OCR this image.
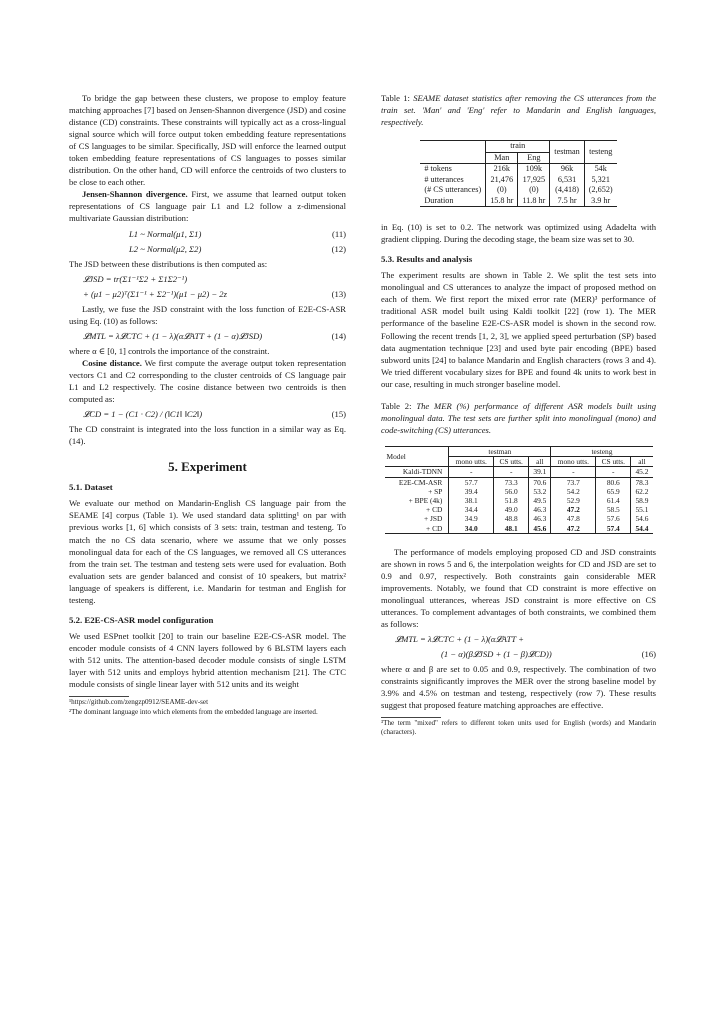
To bridge the gap between these clusters, we propose to employ feature matching approaches [7] based on Jensen-Shannon divergence (JSD) and cosine distance (CD) constraints. These constraints will typically act as a cross-lingual signal source which will force output token embedding feature representations of CS languages to be similar. Specifically, JSD will enforce the learned output token embedding feature representations of CS languages to posses similar distribution. On the other hand, CD will enforce the centroids of two clusters to be close to each other.

Jensen-Shannon divergence. First, we assume that learned output token representations of CS language pair L1 and L2 follow a z-dimensional multivariate Gaussian distribution:

L1 ~ Normal(μ1, Σ1)	(11)
L2 ~ Normal(μ2, Σ2)	(12)

The JSD between these distributions is then computed as:

𝓛JSD = tr(Σ1⁻¹Σ2 + Σ1Σ2⁻¹)
+ (μ1 − μ2)ᵀ(Σ1⁻¹ + Σ2⁻¹)(μ1 − μ2) − 2z	(13)

Lastly, we fuse the JSD constraint with the loss function of E2E-CS-ASR using Eq. (10) as follows:

𝓛MTL = λ𝓛CTC + (1 − λ)(α𝓛ATT + (1 − α)𝓛JSD)	(14)

where α ∈ [0, 1] controls the importance of the constraint.

Cosine distance. We first compute the average output token representation vectors C1 and C2 corresponding to the cluster centroids of CS language pair L1 and L2 respectively. The cosine distance between two centroids is then computed as:

𝓛CD = 1 − (C1 · C2) / (‖C1‖ ‖C2‖)	(15)

The CD constraint is integrated into the loss function in a similar way as Eq. (14).

5. Experiment
5.1. Dataset

We evaluate our method on Mandarin-English CS language pair from the SEAME [4] corpus (Table 1). We used standard data splitting¹ on par with previous works [1, 6] which consists of 3 sets: train, testman and testeng. To match the no CS data scenario, where we assume that we only posses monolingual data for each of the CS languages, we removed all CS utterances from the train set. The testman and testeng sets were used for evaluation. Both evaluation sets are gender balanced and consist of 10 speakers, but matrix² language of speakers is different, i.e. Mandarin for testman and English for testeng.

5.2. E2E-CS-ASR model configuration

We used ESPnet toolkit [20] to train our baseline E2E-CS-ASR model. The encoder module consists of 4 CNN layers followed by 6 BLSTM layers each with 512 units. The attention-based decoder module consists of single LSTM layer with 512 units and employs hybrid attention mechanism [21]. The CTC module consists of single linear layer with 512 units and its weight

¹https://github.com/zengzp0912/SEAME-dev-set

²The dominant language into which elements from the embedded language are inserted.

Table 1: SEAME dataset statistics after removing the CS utterances from the train set. 'Man' and 'Eng' refer to Mandarin and English languages, respectively.

	train		testman	testeng
	Man	Eng		
# tokens	216k	109k	96k	54k
# utterances	21,476	17,925	6,531	5,321
(# CS utterances)	(0)	(0)	(4,418)	(2,652)
Duration	15.8 hr	11.8 hr	7.5 hr	3.9 hr

in Eq. (10) is set to 0.2. The network was optimized using Adadelta with gradient clipping. During the decoding stage, the beam size was set to 30.

5.3. Results and analysis

The experiment results are shown in Table 2. We split the test sets into monolingual and CS utterances to analyze the impact of proposed method on each of them. We first report the mixed error rate (MER)³ performance of traditional ASR model built using Kaldi toolkit [22] (row 1). The MER performance of the baseline E2E-CS-ASR model is shown in the second row. Following the recent trends [1, 2, 3], we applied speed perturbation (SP) based data augmentation technique [23] and used byte pair encoding (BPE) based subword units [24] to balance Mandarin and English characters (rows 3 and 4). We tried different vocabulary sizes for BPE and found 4k units to work best in our case, resulting in much stronger baseline model.

Table 2: The MER (%) performance of different ASR models built using monolingual data. The test sets are further split into monolingual (mono) and code-switching (CS) utterances.

Model	testman			testeng		
	mono utts.	CS utts.	all	mono utts.	CS utts.	all
Kaldi-TDNN	-	-	39.1	-	-	45.2
E2E-CM-ASR	57.7	73.3	70.6	73.7	80.6	78.3
+ SP	39.4	56.0	53.2	54.2	65.9	62.2
+ BPE (4k)	38.1	51.8	49.5	52.9	61.4	58.9
+ CD	34.4	49.0	46.3	47.2	58.5	55.1
+ JSD	34.9	48.8	46.3	47.8	57.6	54.6
+ CD	34.0	48.1	45.6	47.2	57.4	54.4

The performance of models employing proposed CD and JSD constraints are shown in rows 5 and 6, the interpolation weights for CD and JSD are set to 0.9 and 0.97, respectively. Both constraints gain considerable MER improvements. Notably, we found that CD constraint is more effective on monolingual utterances, whereas JSD constraint is more effective on CS utterances. To complement advantages of both constraints, we combined them as follows:

𝓛MTL = λ𝓛CTC + (1 − λ)(α𝓛ATT +
(1 − α)(β𝓛JSD + (1 − β)𝓛CD))	(16)

where α and β are set to 0.05 and 0.9, respectively. The combination of two constraints significantly improves the MER over the strong baseline model by 3.9% and 4.5% on testman and testeng, respectively (row 7). These results suggest that proposed feature matching approaches are effective.

³The term "mixed" refers to different token units used for English (words) and Mandarin (characters).
